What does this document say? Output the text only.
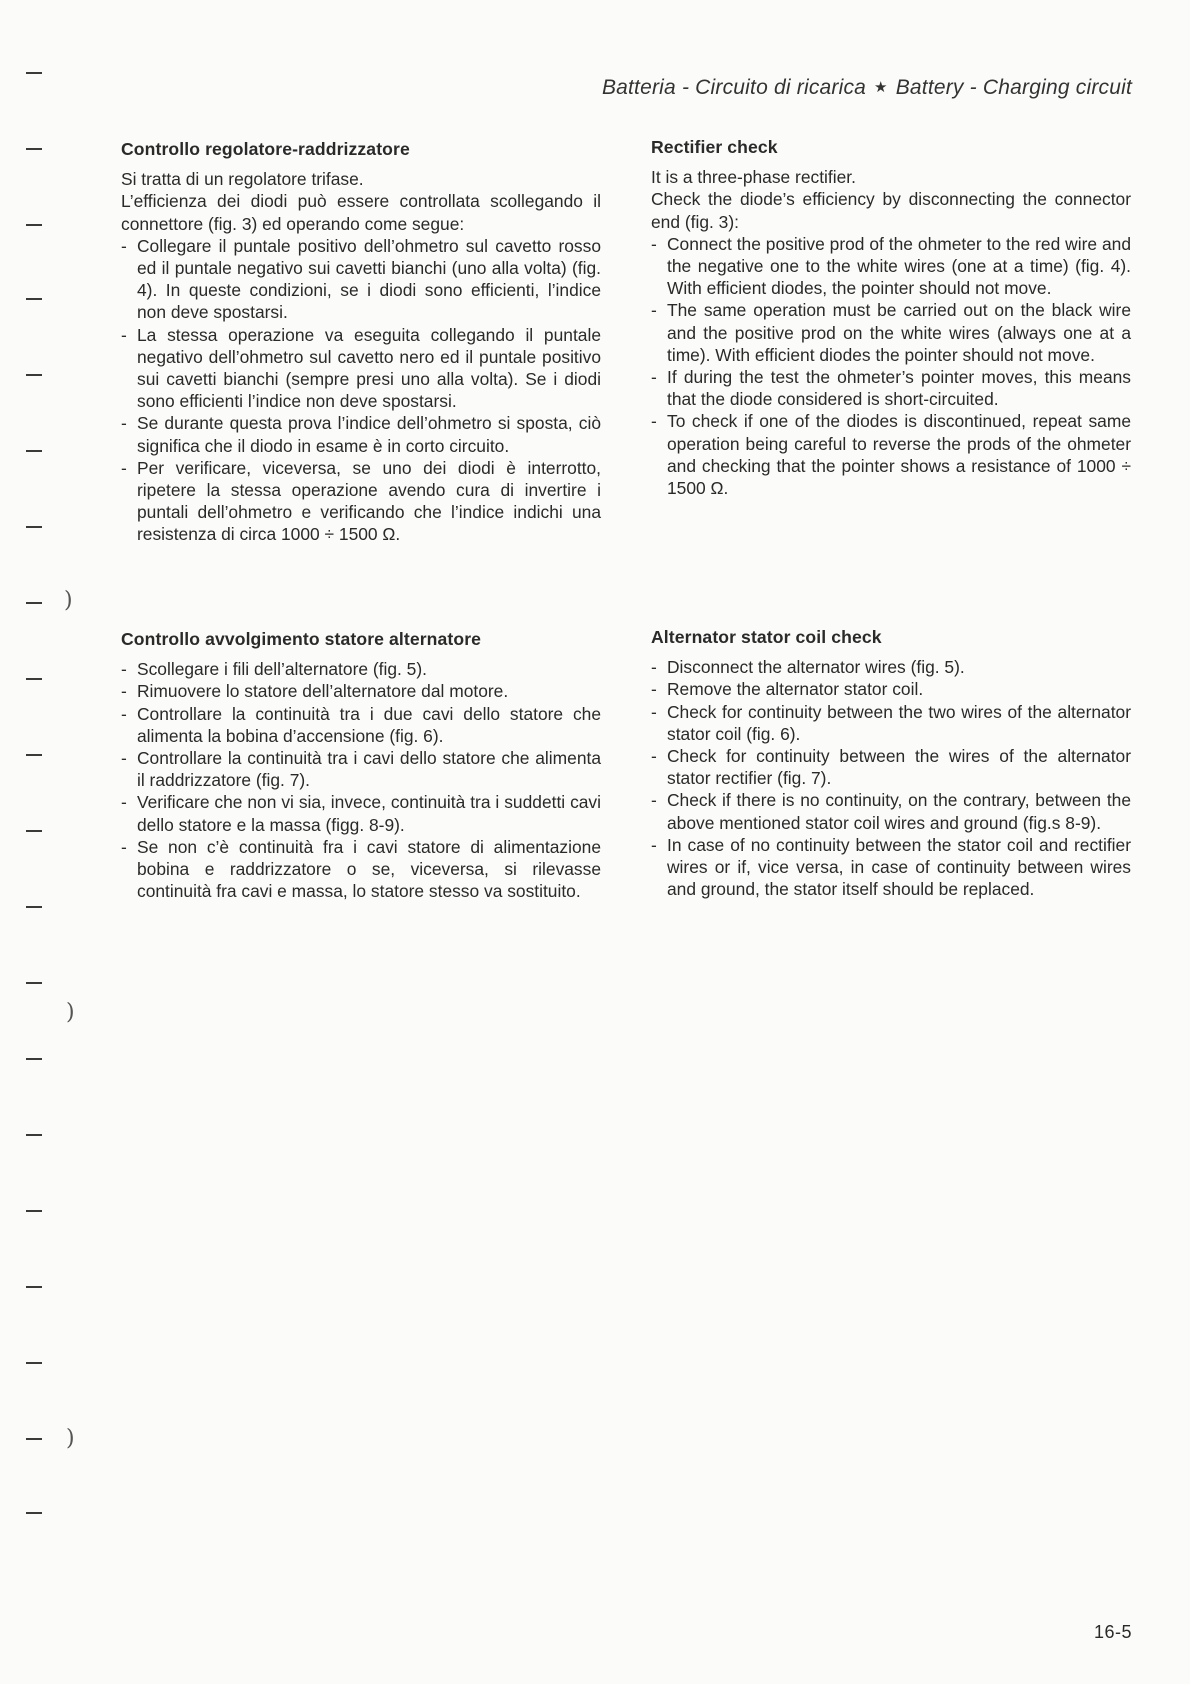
)
)
)
Batteria - Circuito di ricarica ★ Battery - Charging circuit
Controllo regolatore-raddrizzatore

Si tratta di un regolatore trifase.

L’efficienza dei diodi può essere controllata scollegando il connettore (fig. 3) ed operando come segue:

- Collegare il puntale positivo dell’ohmetro sul cavetto rosso ed il puntale negativo sui cavetti bianchi (uno alla volta) (fig. 4). In queste condizioni, se i diodi sono efficienti, l’indice non deve spostarsi.
- La stessa operazione va eseguita collegando il puntale negativo dell’ohmetro sul cavetto nero ed il puntale positivo sui cavetti bianchi (sempre presi uno alla volta). Se i diodi sono efficienti l’indice non deve spostarsi.
- Se durante questa prova l’indice dell’ohmetro si sposta, ciò significa che il diodo in esame è in corto circuito.
- Per verificare, viceversa, se uno dei diodi è interrotto, ripetere la stessa operazione avendo cura di invertire i puntali dell’ohmetro e verificando che l’indice indichi una resistenza di circa 1000 ÷ 1500 Ω.
Rectifier check

It is a three-phase rectifier.

Check the diode’s efficiency by disconnecting the connector end (fig. 3):

- Connect the positive prod of the ohmeter to the red wire and the negative one to the white wires (one at a time) (fig. 4). With efficient diodes, the pointer should not move.
- The same operation must be carried out on the black wire and the positive prod on the white wires (always one at a time). With efficient diodes the pointer should not move.
- If during the test the ohmeter’s pointer moves, this means that the diode considered is short-circuited.
- To check if one of the diodes is discontinued, repeat same operation being careful to reverse the prods of the ohmeter and checking that the pointer shows a resistance of 1000 ÷ 1500 Ω.
Controllo avvolgimento statore alternatore
- Scollegare i fili dell’alternatore (fig. 5).
- Rimuovere lo statore dell’alternatore dal motore.
- Controllare la continuità tra i due cavi dello statore che alimenta la bobina d’accensione (fig. 6).
- Controllare la continuità tra i cavi dello statore che alimenta il raddrizzatore (fig. 7).
- Verificare che non vi sia, invece, continuità tra i suddetti cavi dello statore e la massa (figg. 8-9).
- Se non c’è continuità fra i cavi statore di alimentazione bobina e raddrizzatore o se, viceversa, si rilevasse continuità fra cavi e massa, lo statore stesso va sostituito.
Alternator stator coil check
- Disconnect the alternator wires (fig. 5).
- Remove the alternator stator coil.
- Check for continuity between the two wires of the alternator stator coil (fig. 6).
- Check for continuity between the wires of the alternator stator rectifier (fig. 7).
- Check if there is no continuity, on the contrary, between the above mentioned stator coil wires and ground (fig.s 8-9).
- In case of no continuity between the stator coil and rectifier wires or if, vice versa, in case of continuity between wires and ground, the stator itself should be replaced.
16-5
